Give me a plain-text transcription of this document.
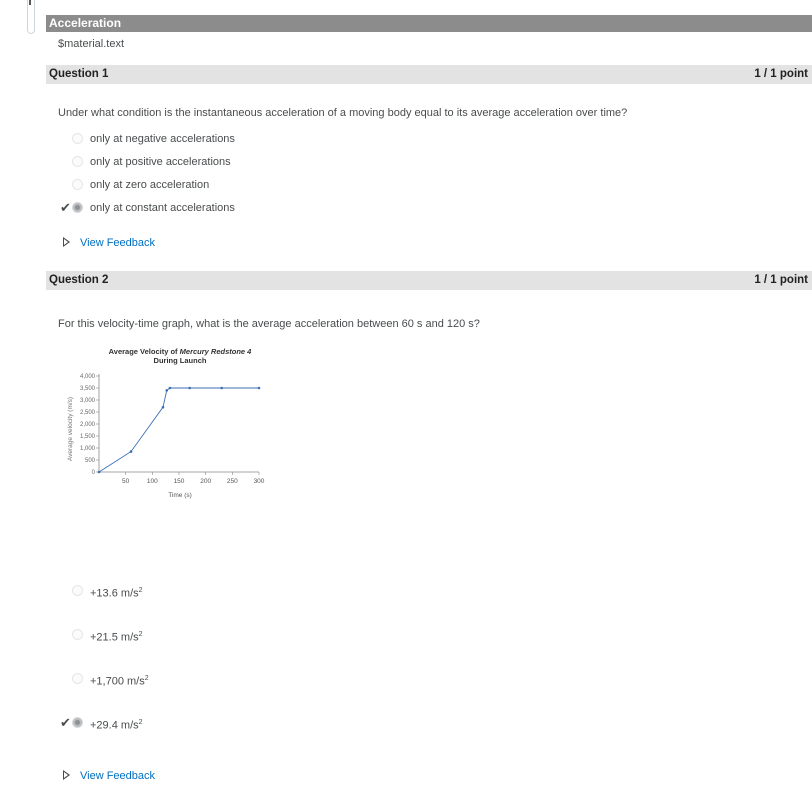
Acceleration
$material.text
Question 1	1 / 1 point
Under what condition is the instantaneous acceleration of a moving body equal to its average acceleration over time?
only at negative accelerations
only at positive accelerations
only at zero acceleration
✔ only at constant accelerations
View Feedback
Question 2	1 / 1 point
For this velocity-time graph, what is the average acceleration between 60 s and 120 s?
Average Velocity of Mercury Redstone 4
During Launch
Time (s)
Average velocity (m/s)
0
500
1,000
1,500
2,000
2,500
3,000
3,500
4,000
50	100 150 200 250 300
+13.6 $m/s^2$
+21.5 $m/s^2$
+1,700 $m/s^2$
✔ +29.4 $m/s^2$
View Feedback
